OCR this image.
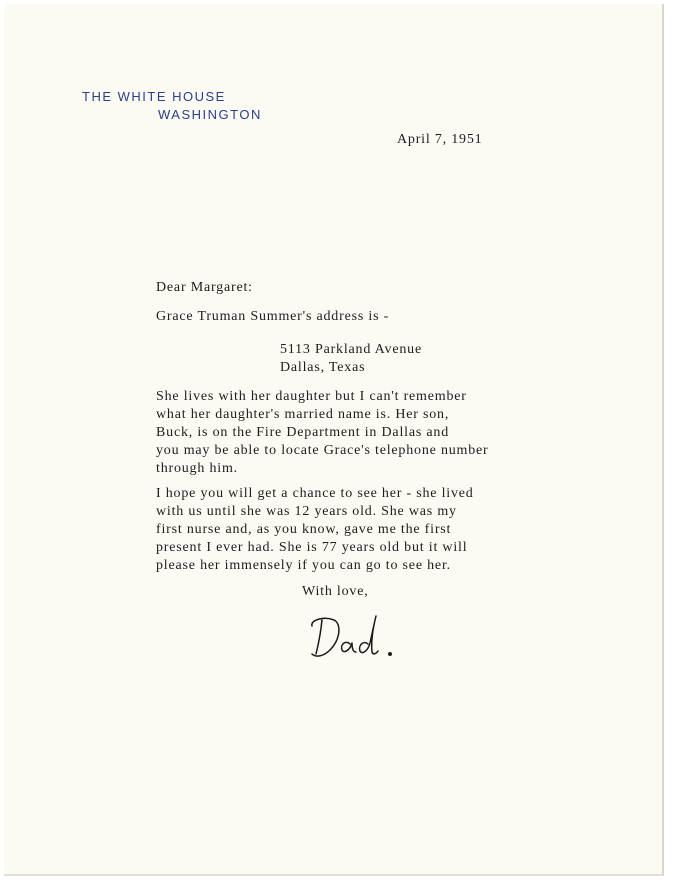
THE WHITE HOUSE
WASHINGTON
April 7, 1951
Dear Margaret:
Grace Truman Summer's address is -
5113 Parkland Avenue
Dallas, Texas
She lives with her daughter but I can't remember
what her daughter's married name is. Her son,
Buck, is on the Fire Department in Dallas and
you may be able to locate Grace's telephone number
through him.
I hope you will get a chance to see her - she lived
with us until she was 12 years old. She was my
first nurse and, as you know, gave me the first
present I ever had. She is 77 years old but it will
please her immensely if you can go to see her.
With love,
